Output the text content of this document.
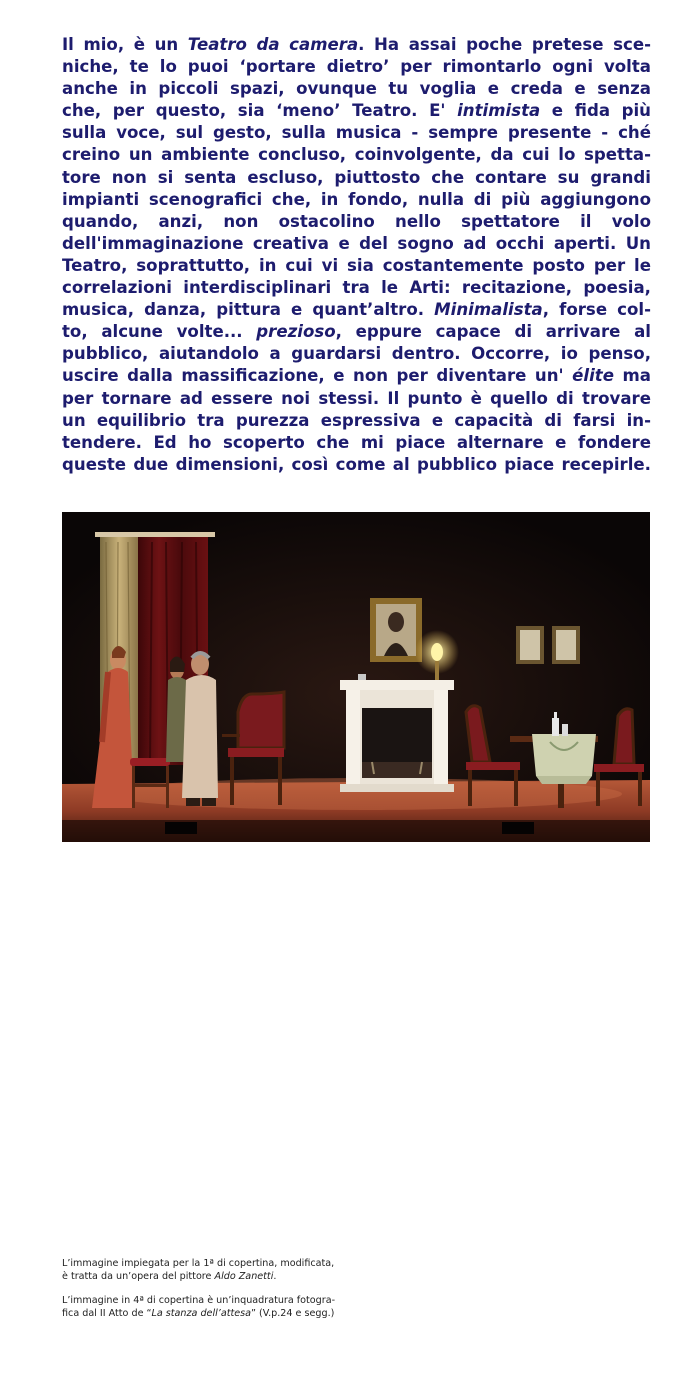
Il mio, è un Teatro da camera. Ha assai poche pretese sce-
niche, te lo puoi ‘portare dietro’ per rimontarlo ogni volta
anche in piccoli spazi, ovunque tu voglia e creda e senza
che, per questo, sia ‘meno’ Teatro. E' intimista e fida più
sulla voce, sul gesto, sulla musica - sempre presente - ché
creino un ambiente concluso, coinvolgente, da cui lo spetta-
tore non si senta escluso, piuttosto che contare su grandi
impianti scenografici che, in fondo, nulla di più aggiungono
quando, anzi, non ostacolino nello spettatore il volo
dell'immaginazione creativa e del sogno ad occhi aperti. Un
Teatro, soprattutto, in cui vi sia costantemente posto per le
correlazioni interdisciplinari tra le Arti: recitazione, poesia,
musica, danza, pittura e quant’altro. Minimalista, forse col-
to, alcune volte... prezioso, eppure capace di arrivare al
pubblico, aiutandolo a guardarsi dentro. Occorre, io penso,
uscire dalla massificazione, e non per diventare un' élite ma
per tornare ad essere noi stessi. Il punto è quello di trovare
un equilibrio tra purezza espressiva e capacità di farsi in-
tendere. Ed ho scoperto che mi piace alternare e fondere
queste due dimensioni, così come al pubblico piace recepirle.

L’immagine impiegata per la 1ª di copertina, modificata,
è tratta da un’opera del pittore Aldo Zanetti.

L’immagine in 4ª di copertina è un’inquadratura fotogra-
fica dal II Atto de “La stanza dell’attesa” (V.p.24 e segg.)
